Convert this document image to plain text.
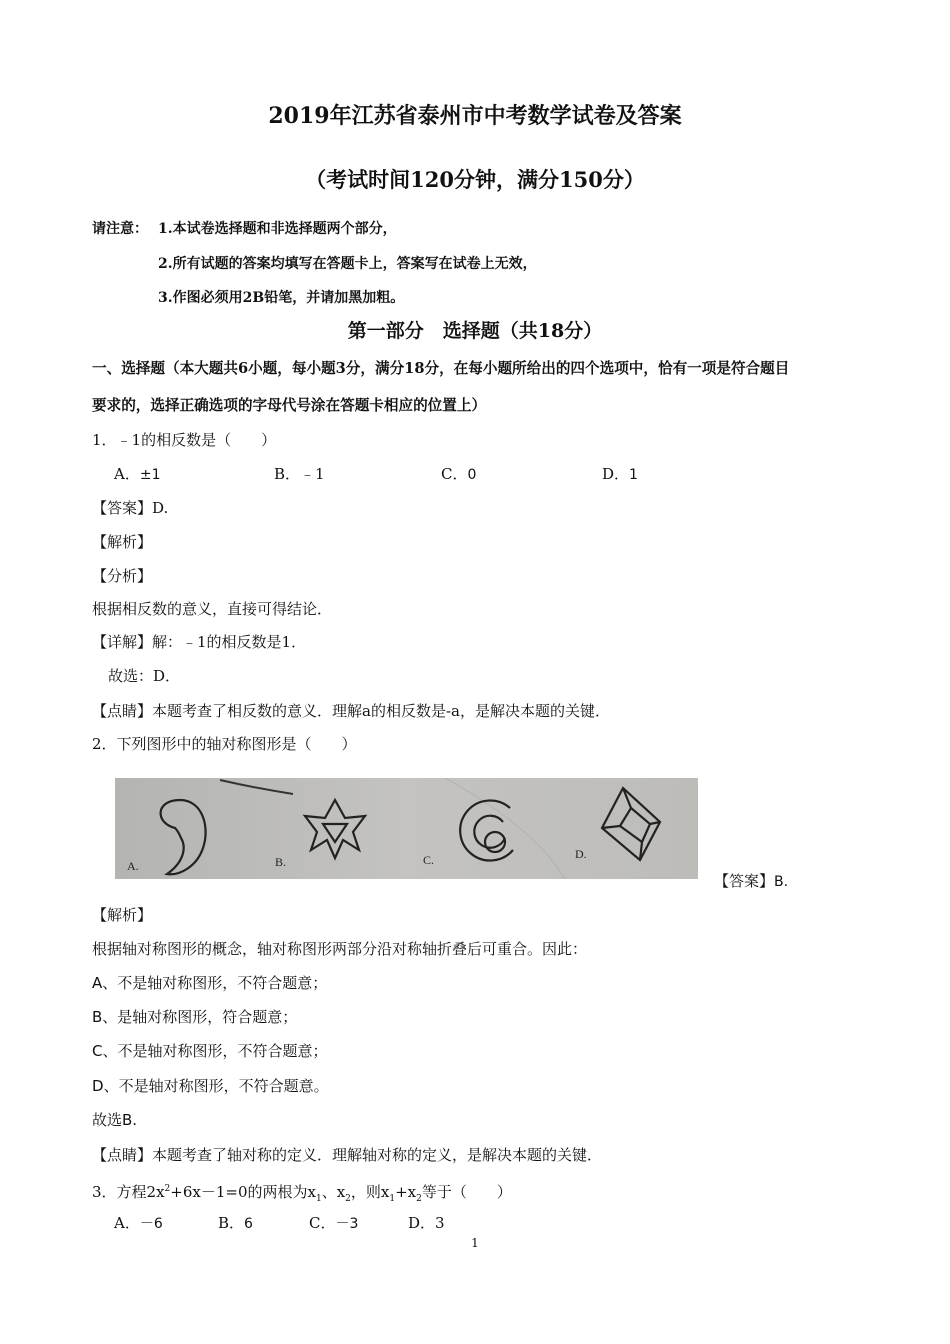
2019年江苏省泰州市中考数学试卷及答案
（考试时间120分钟，满分150分）
请注意： 1.本试卷选择题和非选择题两个部分，
2.所有试题的答案均填写在答题卡上，答案写在试卷上无效，
3.作图必须用2B铅笔，并请加黑加粗。
第一部分　选择题（共18分）
一、选择题（本大题共6小题，每小题3分，满分18分，在每小题所给出的四个选项中，恰有一项是符合题目
要求的，选择正确选项的字母代号涂在答题卡相应的位置上）
1．﹣1的相反数是（　　）
A．±1	B．﹣1	C．0	D．1
【答案】D.
【解析】
【分析】
根据相反数的意义，直接可得结论．
【详解】解：﹣1的相反数是1．
故选：D．
【点睛】本题考查了相反数的意义．理解a的相反数是-a，是解决本题的关键．
2．下列图形中的轴对称图形是（　　）
A.	B.	C.	D.
【答案】B.
【解析】
根据轴对称图形的概念，轴对称图形两部分沿对称轴折叠后可重合。因此：
A、不是轴对称图形，不符合题意；
B、是轴对称图形，符合题意；
C、不是轴对称图形，不符合题意；
D、不是轴对称图形，不符合题意。
故选B.
【点睛】本题考查了轴对称的定义．理解轴对称的定义，是解决本题的关键．
3．方程$2x^2+6x-1=0$的两根为$x_1$、$x_2$，则$x_1+x_2$等于（　　）
A．－6	B．6	C．－3	D．3
1
